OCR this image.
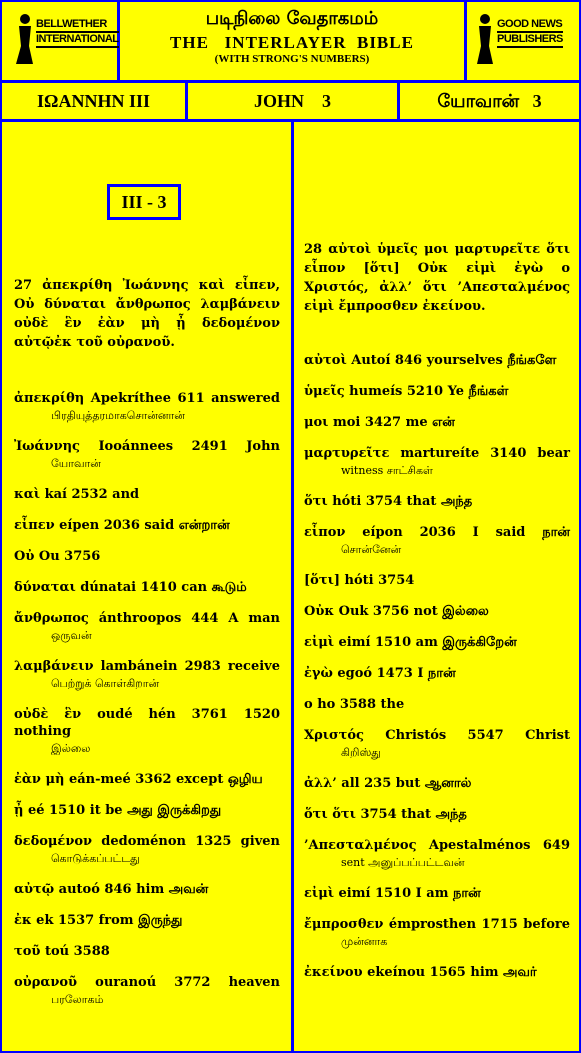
BELLWETHER
INTERNATIONAL
படிநிலை வேதாகமம்
THE   INTERLAYER  BIBLE
(WITH STRONG'S NUMBERS)
GOOD NEWS
PUBLISHERS
ΙΩΑΝΝΗΝ III	JOHN    3	யோவான்   3
III - 3
27 ἀπεκρίθη Ἰωάννης καὶ εἶπεν, Οὐ δύναται ἄνθρωπος λαμβάνειν οὐδὲ ἓν ἐὰν μὴ ᾖ δεδομένον αὐτῷἐκ τοῦ οὐρανοῦ.
ἀπεκρίθη Apekríthee 611 answered
பிரதியுத்தரமாகசொன்னான்
Ἰωάννης Iooánnees 2491 John
யோவான்
καὶ kaí 2532 and
εἶπεν eípen 2036 said என்றான்
Οὐ Ou 3756
δύναται dúnatai 1410 can கூடும்
ἄνθρωπος ánthroopos 444 A man
ஒருவன்
λαμβάνειν lambánein 2983 receive
பெற்றுக் கொள்கிறான்
οὐδὲ ἓν oudé hén 3761 1520 nothing
இல்லை
ἐὰν μὴ eán-meé 3362 except ஒழிய
ᾖ eé 1510 it be அது இருக்கிறது
δεδομένον dedoménon 1325 given
கொடுக்கப்பட்டது
αὐτῷ autoó 846 him அவன்
ἐκ ek 1537 from இருந்து
τοῦ toú 3588
οὐρανοῦ ouranoú 3772 heaven
பரலோகம்
28 αὐτοὶ ὑμεῖς μοι μαρτυρεῖτε ὅτι εἶπον [ὅτι] Οὐκ εἰμὶ ἐγὼ ο Χριστός, ἀλλ’ ὅτι ’Απεσταλμένος εἰμὶ ἔμπροσθεν ἐκείνου.
αὐτοὶ Autoí 846 yourselves நீங்களே
ὑμεῖς humeís 5210 Ye நீங்கள்
μοι moi 3427 me என்
μαρτυρεῖτε martureíte 3140 bear
witness சாட்சிகள்
ὅτι hóti 3754 that அந்த
εἶπον eípon 2036 I said நான்
சொன்னேன்
[ὅτι] hóti 3754
Οὐκ Ouk 3756 not இல்லை
εἰμὶ eimí 1510 am இருக்கிறேன்
ἐγὼ egoó 1473 I நான்
ο ho 3588 the
Χριστός Christós 5547 Christ
கிறிஸ்து
ἀλλ’ all 235 but ஆனால்
ὅτι ὅτι 3754 that அந்த
’Απεσταλμένος Apestalménos 649
sent அனுப்பப்பட்டவன்
εἰμὶ eimí 1510 I am நான்
ἔμπροσθεν émprosthen 1715 before
முன்னாக
ἐκείνου ekeínou 1565 him அவர்
